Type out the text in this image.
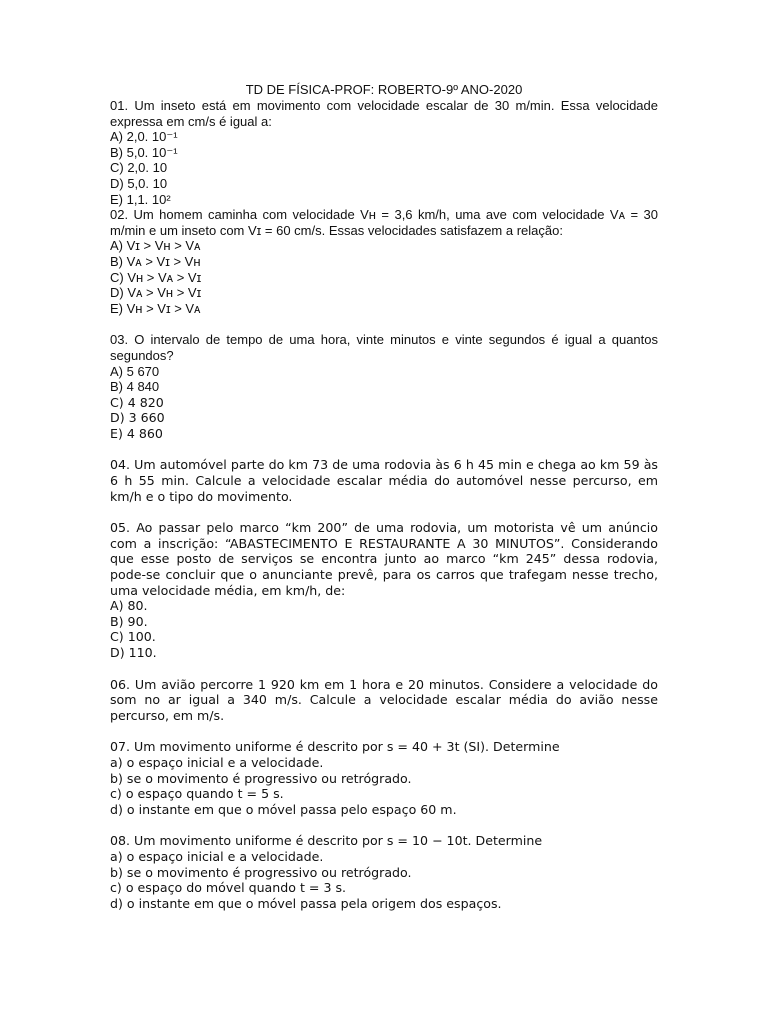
TD DE FÍSICA-PROF: ROBERTO-9º ANO-2020

01. Um inseto está em movimento com velocidade escalar de 30 m/min. Essa velocidade expressa em cm/s é igual a:

A) 2,0. 10⁻¹
B) 5,0. 10⁻¹
C) 2,0. 10
D) 5,0. 10
E) 1,1. 10²

02. Um homem caminha com velocidade Vʜ = 3,6 km/h, uma ave com velocidade Vᴀ = 30 m/min e um inseto com Vɪ = 60 cm/s. Essas velocidades satisfazem a relação:

A) Vɪ > Vʜ > Vᴀ
B) Vᴀ > Vɪ > Vʜ
C) Vʜ > Vᴀ > Vɪ
D) Vᴀ > Vʜ > Vɪ
E) Vʜ > Vɪ > Vᴀ

03. O intervalo de tempo de uma hora, vinte minutos e vinte segundos é igual a quantos segundos?

A) 5 670
B) 4 840
C) 4 820
D) 3 660
E) 4 860

04. Um automóvel parte do km 73 de uma rodovia às 6 h 45 min e chega ao km 59 às 6 h 55 min. Calcule a velocidade escalar média do automóvel nesse percurso, em km/h e o tipo do movimento.

05. Ao passar pelo marco “km 200” de uma rodovia, um motorista vê um anúncio com a inscrição: “ABASTECIMENTO E RESTAURANTE A 30 MINUTOS”. Considerando que esse posto de serviços se encontra junto ao marco “km 245” dessa rodovia, pode-se concluir que o anunciante prevê, para os carros que trafegam nesse trecho, uma velocidade média, em km/h, de:

A) 80.
B) 90.
C) 100.
D) 110.

06. Um avião percorre 1 920 km em 1 hora e 20 minutos. Considere a velocidade do som no ar igual a 340 m/s. Calcule a velocidade escalar média do avião nesse percurso, em m/s.

07. Um movimento uniforme é descrito por s = 40 + 3t (SI). Determine

a) o espaço inicial e a velocidade.
b) se o movimento é progressivo ou retrógrado.
c) o espaço quando t = 5 s.
d) o instante em que o móvel passa pelo espaço 60 m.

08. Um movimento uniforme é descrito por s = 10 − 10t. Determine

a) o espaço inicial e a velocidade.
b) se o movimento é progressivo ou retrógrado.
c) o espaço do móvel quando t = 3 s.
d) o instante em que o móvel passa pela origem dos espaços.
